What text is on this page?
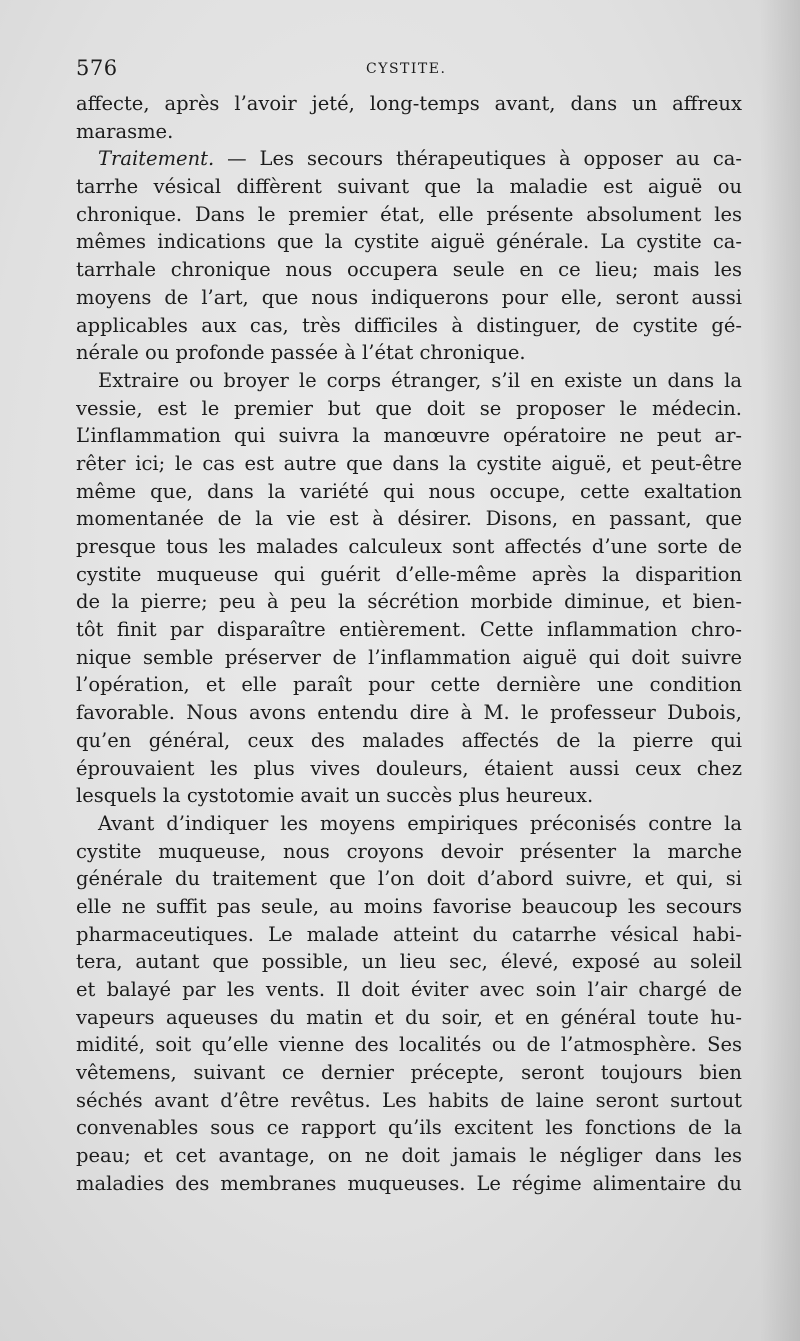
576	CYSTITE.
affecte, après l’avoir jeté, long-temps avant, dans un affreux
marasme.
Traitement. — Les secours thérapeutiques à opposer au ca-
tarrhe vésical diffèrent suivant que la maladie est aiguë ou
chronique. Dans le premier état, elle présente absolument les
mêmes indications que la cystite aiguë générale. La cystite ca-
tarrhale chronique nous occupera seule en ce lieu; mais les
moyens de l’art, que nous indiquerons pour elle, seront aussi
applicables aux cas, très difficiles à distinguer, de cystite gé-
nérale ou profonde passée à l’état chronique.
Extraire ou broyer le corps étranger, s’il en existe un dans la
vessie, est le premier but que doit se proposer le médecin.
L’inflammation qui suivra la manœuvre opératoire ne peut ar-
rêter ici; le cas est autre que dans la cystite aiguë, et peut-être
même que, dans la variété qui nous occupe, cette exaltation
momentanée de la vie est à désirer. Disons, en passant, que
presque tous les malades calculeux sont affectés d’une sorte de
cystite muqueuse qui guérit d’elle-même après la disparition
de la pierre; peu à peu la sécrétion morbide diminue, et bien-
tôt finit par disparaître entièrement. Cette inflammation chro-
nique semble préserver de l’inflammation aiguë qui doit suivre
l’opération, et elle paraît pour cette dernière une condition
favorable. Nous avons entendu dire à M. le professeur Dubois,
qu’en général, ceux des malades affectés de la pierre qui
éprouvaient les plus vives douleurs, étaient aussi ceux chez
lesquels la cystotomie avait un succès plus heureux.
Avant d’indiquer les moyens empiriques préconisés contre la
cystite muqueuse, nous croyons devoir présenter la marche
générale du traitement que l’on doit d’abord suivre, et qui, si
elle ne suffit pas seule, au moins favorise beaucoup les secours
pharmaceutiques. Le malade atteint du catarrhe vésical habi-
tera, autant que possible, un lieu sec, élevé, exposé au soleil
et balayé par les vents. Il doit éviter avec soin l’air chargé de
vapeurs aqueuses du matin et du soir, et en général toute hu-
midité, soit qu’elle vienne des localités ou de l’atmosphère. Ses
vêtemens, suivant ce dernier précepte, seront toujours bien
séchés avant d’être revêtus. Les habits de laine seront surtout
convenables sous ce rapport qu’ils excitent les fonctions de la
peau; et cet avantage, on ne doit jamais le négliger dans les
maladies des membranes muqueuses. Le régime alimentaire du
